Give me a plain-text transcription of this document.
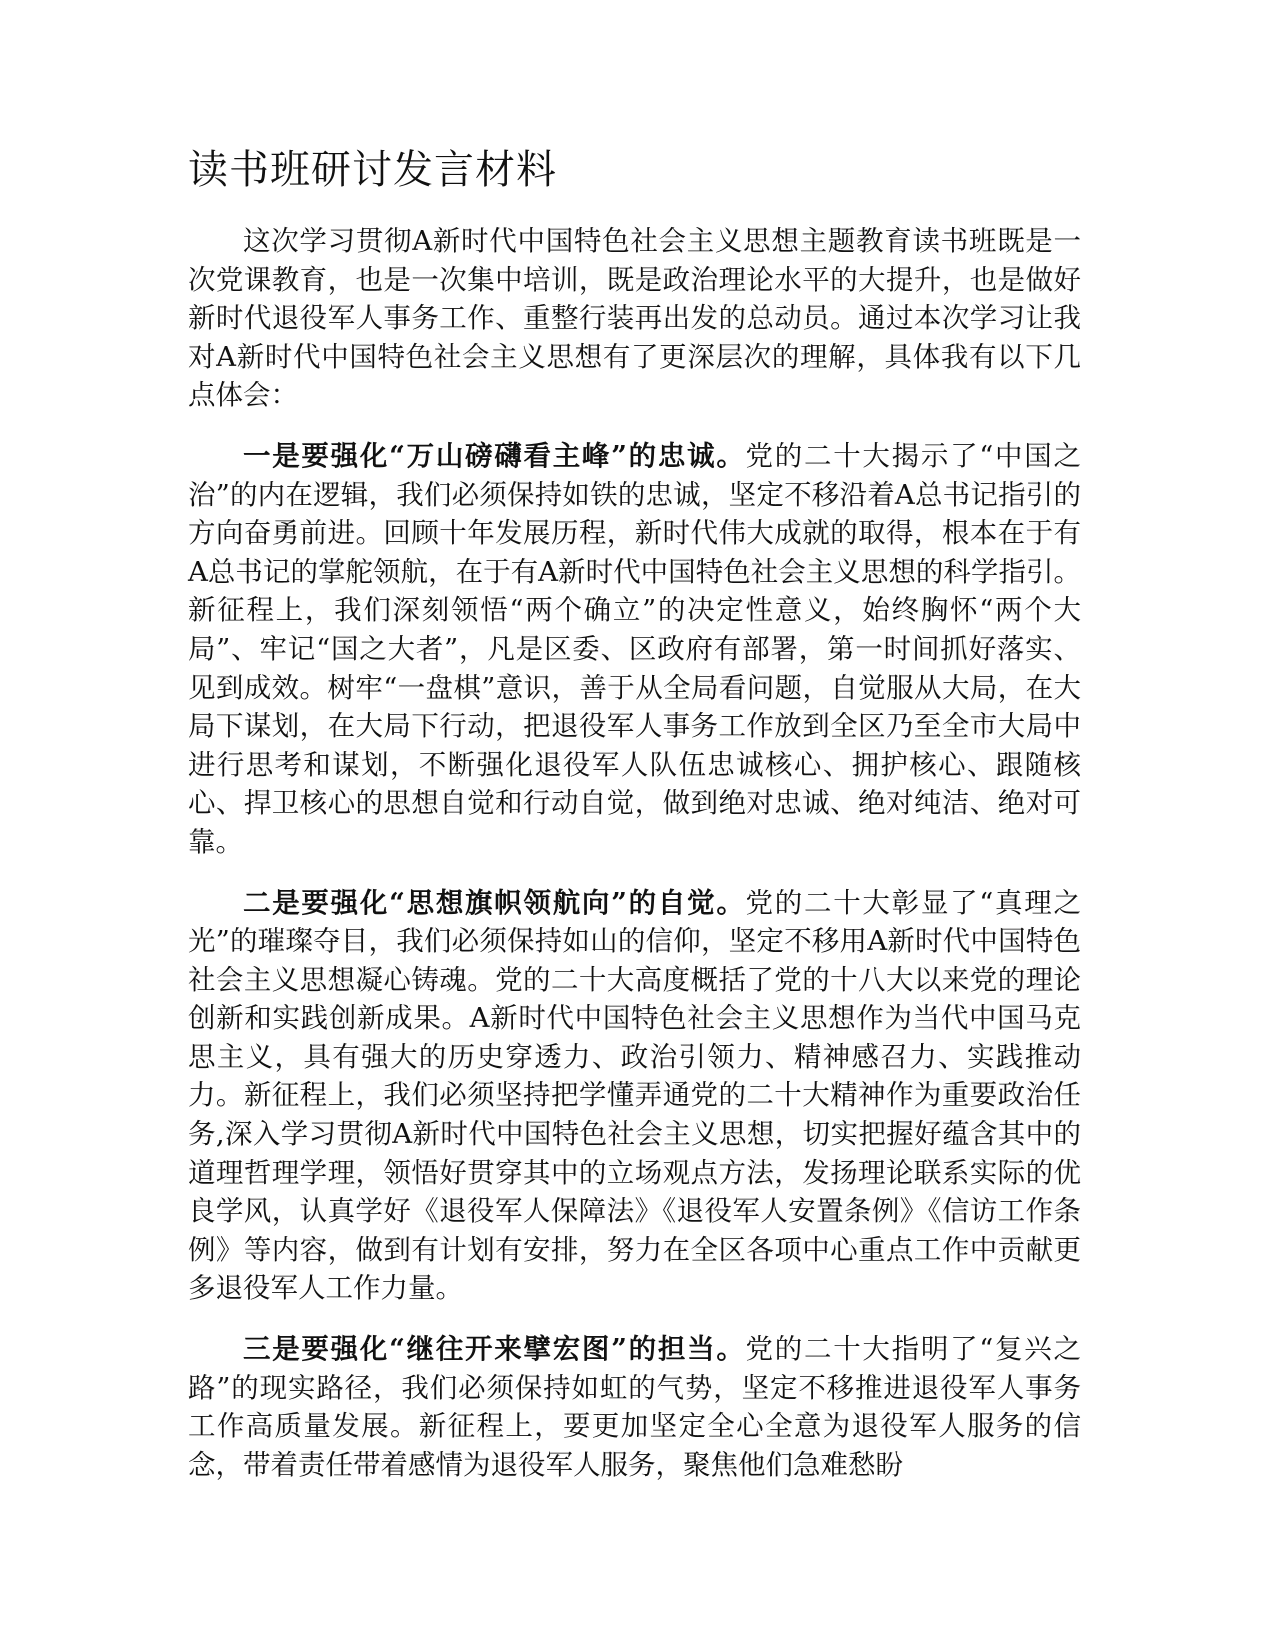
读书班研讨发言材料

这次学习贯彻A新时代中国特色社会主义思想主题教育读书班既是一次党课教育，也是一次集中培训，既是政治理论水平的大提升，也是做好新时代退役军人事务工作、重整行装再出发的总动员。通过本次学习让我对A新时代中国特色社会主义思想有了更深层次的理解，具体我有以下几点体会：

一是要强化“万山磅礴看主峰”的忠诚。党的二十大揭示了“中国之治”的内在逻辑，我们必须保持如铁的忠诚，坚定不移沿着A总书记指引的方向奋勇前进。回顾十年发展历程，新时代伟大成就的取得，根本在于有A总书记的掌舵领航，在于有A新时代中国特色社会主义思想的科学指引。新征程上，我们深刻领悟“两个确立”的决定性意义，始终胸怀“两个大局”、牢记“国之大者”，凡是区委、区政府有部署，第一时间抓好落实、见到成效。树牢“一盘棋”意识，善于从全局看问题，自觉服从大局，在大局下谋划，在大局下行动，把退役军人事务工作放到全区乃至全市大局中进行思考和谋划，不断强化退役军人队伍忠诚核心、拥护核心、跟随核心、捍卫核心的思想自觉和行动自觉，做到绝对忠诚、绝对纯洁、绝对可靠。

二是要强化“思想旗帜领航向”的自觉。党的二十大彰显了“真理之光”的璀璨夺目，我们必须保持如山的信仰，坚定不移用A新时代中国特色社会主义思想凝心铸魂。党的二十大高度概括了党的十八大以来党的理论创新和实践创新成果。A新时代中国特色社会主义思想作为当代中国马克思主义，具有强大的历史穿透力、政治引领力、精神感召力、实践推动力。新征程上，我们必须坚持把学懂弄通党的二十大精神作为重要政治任务,深入学习贯彻A新时代中国特色社会主义思想，切实把握好蕴含其中的道理哲理学理，领悟好贯穿其中的立场观点方法，发扬理论联系实际的优良学风，认真学好《退役军人保障法》《退役军人安置条例》《信访工作条例》等内容，做到有计划有安排，努力在全区各项中心重点工作中贡献更多退役军人工作力量。

三是要强化“继往开来擘宏图”的担当。党的二十大指明了“复兴之路”的现实路径，我们必须保持如虹的气势，坚定不移推进退役军人事务工作高质量发展。新征程上，要更加坚定全心全意为退役军人服务的信念，带着责任带着感情为退役军人服务，聚焦他们急难愁盼
